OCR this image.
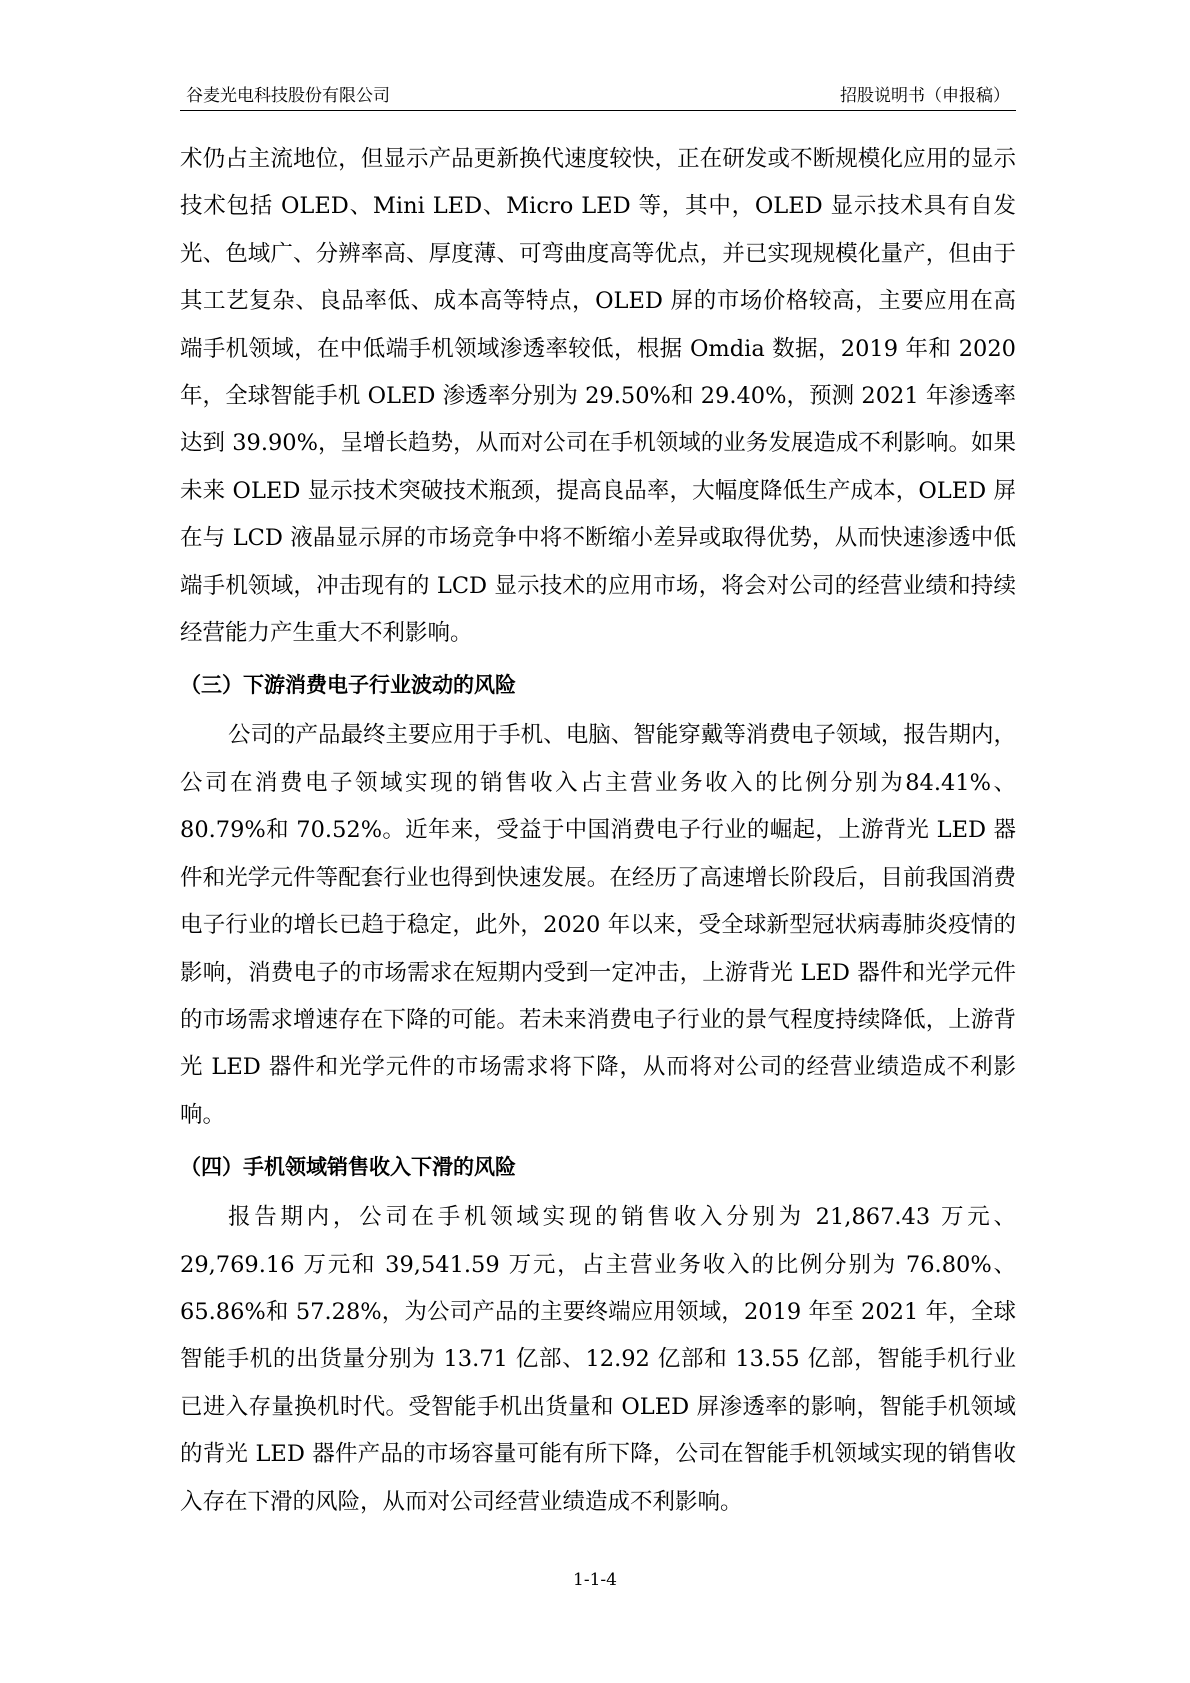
谷麦光电科技股份有限公司	招股说明书（申报稿）

术仍占主流地位，但显示产品更新换代速度较快，正在研发或不断规模化应用的显示技术包括 OLED、Mini LED、Micro LED 等，其中，OLED 显示技术具有自发光、色域广、分辨率高、厚度薄、可弯曲度高等优点，并已实现规模化量产，但由于其工艺复杂、良品率低、成本高等特点，OLED 屏的市场价格较高，主要应用在高端手机领域，在中低端手机领域渗透率较低，根据 Omdia 数据，2019 年和 2020 年，全球智能手机 OLED 渗透率分别为 29.50%和 29.40%，预测 2021 年渗透率达到 39.90%，呈增长趋势，从而对公司在手机领域的业务发展造成不利影响。如果未来 OLED 显示技术突破技术瓶颈，提高良品率，大幅度降低生产成本，OLED 屏在与 LCD 液晶显示屏的市场竞争中将不断缩小差异或取得优势，从而快速渗透中低端手机领域，冲击现有的 LCD 显示技术的应用市场，将会对公司的经营业绩和持续经营能力产生重大不利影响。

（三）下游消费电子行业波动的风险

公司的产品最终主要应用于手机、电脑、智能穿戴等消费电子领域，报告期内，公司在消费电子领域实现的销售收入占主营业务收入的比例分别为84.41%、80.79%和 70.52%。近年来，受益于中国消费电子行业的崛起，上游背光 LED 器件和光学元件等配套行业也得到快速发展。在经历了高速增长阶段后，目前我国消费电子行业的增长已趋于稳定，此外，2020 年以来，受全球新型冠状病毒肺炎疫情的影响，消费电子的市场需求在短期内受到一定冲击，上游背光 LED 器件和光学元件的市场需求增速存在下降的可能。若未来消费电子行业的景气程度持续降低，上游背光 LED 器件和光学元件的市场需求将下降，从而将对公司的经营业绩造成不利影响。

（四）手机领域销售收入下滑的风险

报告期内，公司在手机领域实现的销售收入分别为 21,867.43 万元、29,769.16 万元和 39,541.59 万元，占主营业务收入的比例分别为 76.80%、65.86%和 57.28%，为公司产品的主要终端应用领域，2019 年至 2021 年，全球智能手机的出货量分别为 13.71 亿部、12.92 亿部和 13.55 亿部，智能手机行业已进入存量换机时代。受智能手机出货量和 OLED 屏渗透率的影响，智能手机领域的背光 LED 器件产品的市场容量可能有所下降，公司在智能手机领域实现的销售收入存在下滑的风险，从而对公司经营业绩造成不利影响。

1-1-4
